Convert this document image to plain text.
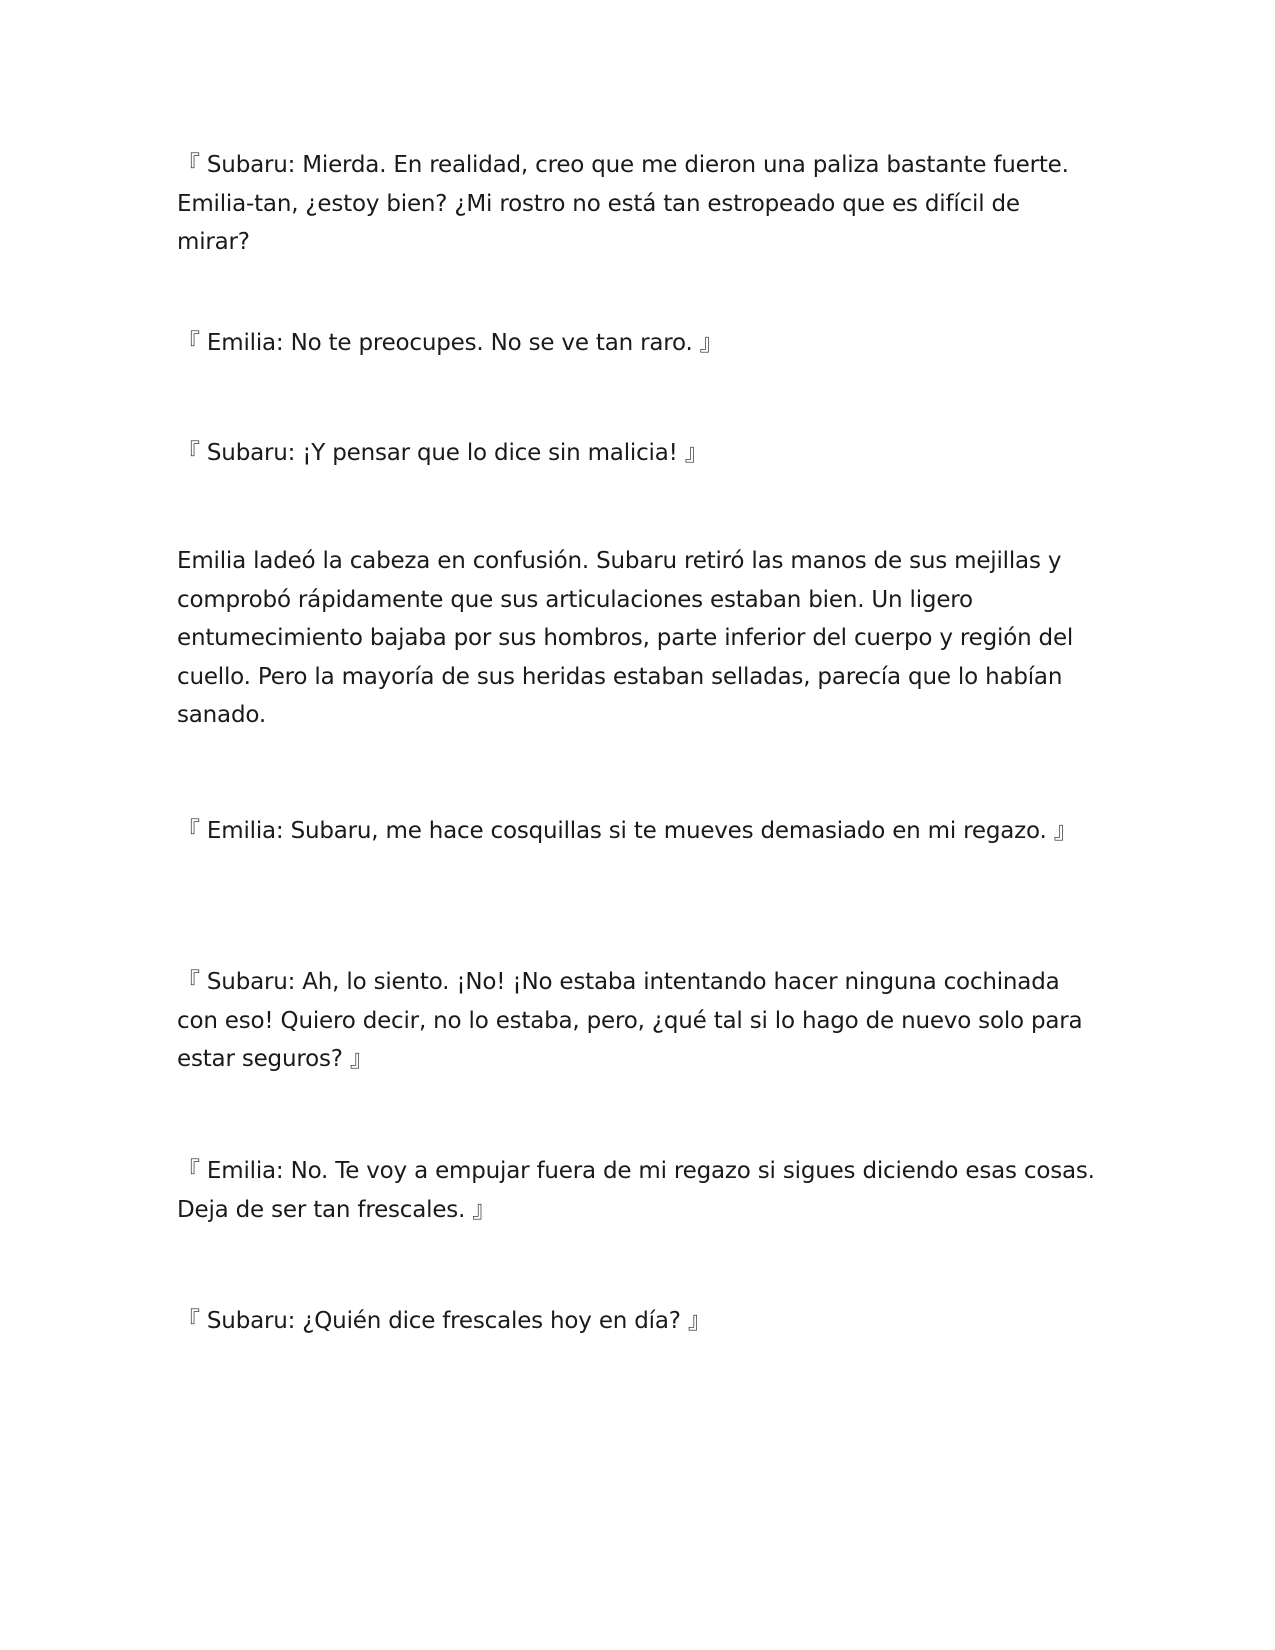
『 Subaru: Mierda. En realidad, creo que me dieron una paliza bastante fuerte. Emilia-tan, ¿estoy bien? ¿Mi rostro no está tan estropeado que es difícil de mirar?

『 Emilia: No te preocupes. No se ve tan raro. 』

『 Subaru: ¡Y pensar que lo dice sin malicia! 』

Emilia ladeó la cabeza en confusión. Subaru retiró las manos de sus mejillas y comprobó rápidamente que sus articulaciones estaban bien. Un ligero entumecimiento bajaba por sus hombros, parte inferior del cuerpo y región del cuello. Pero la mayoría de sus heridas estaban selladas, parecía que lo habían sanado.

『 Emilia: Subaru, me hace cosquillas si te mueves demasiado en mi regazo. 』

『 Subaru: Ah, lo siento. ¡No! ¡No estaba intentando hacer ninguna cochinada con eso! Quiero decir, no lo estaba, pero, ¿qué tal si lo hago de nuevo solo para estar seguros? 』

『 Emilia: No. Te voy a empujar fuera de mi regazo si sigues diciendo esas cosas. Deja de ser tan frescales. 』

『 Subaru: ¿Quién dice frescales hoy en día? 』
